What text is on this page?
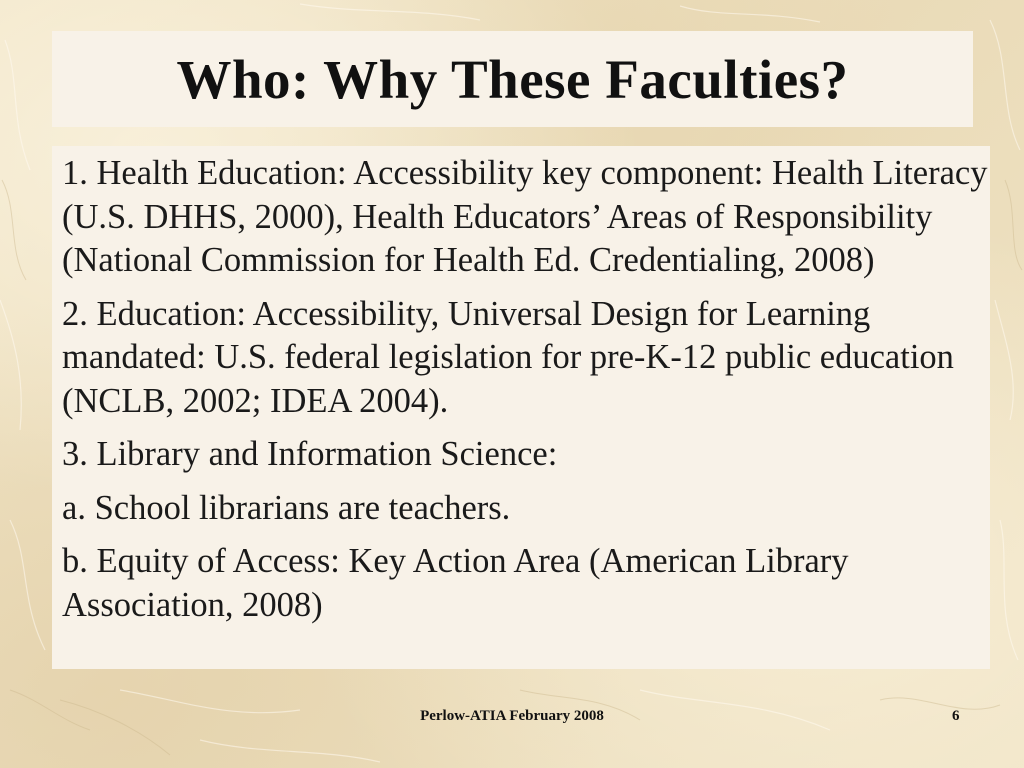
Who: Why These Faculties?

1. Health Education: Accessibility key component: Health Literacy (U.S. DHHS, 2000), Health Educators’ Areas of Responsibility (National Commission for Health Ed. Credentialing, 2008)

2. Education: Accessibility, Universal Design for Learning mandated: U.S. federal legislation for pre-K-12 public education (NCLB, 2002; IDEA 2004).

3. Library and Information Science:

a. School librarians are teachers.

b. Equity of Access: Key Action Area (American Library Association, 2008)

Perlow-ATIA February 2008	6
